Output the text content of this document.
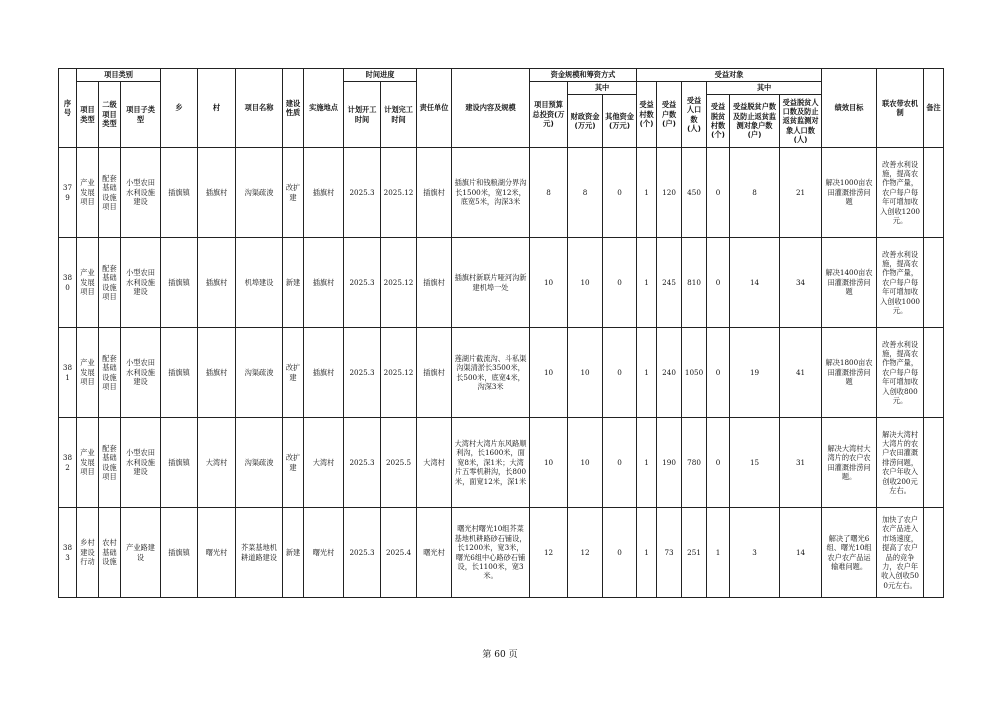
序号	项目类别			乡	村	项目名称	建设性质	实施地点	时间进度		责任单位	建设内容及规模	资金规模和筹资方式			受益对象						绩效目标	联农带农机制	备注
	项目类型	二级项目类型	项目子类型						计划开工时间	计划完工时间			项目预算总投资(万元)	其中		受益村数(个)	受益户数(户)	受益人口数(人)	其中					
														财政资金(万元)	其他资金(万元)				受益脱贫村数(个)	受益脱贫户数及防止返贫监测对象户数(户)	受益脱贫人口数及防止返贫监测对象人口数(人)			
379	产业发展项目	配套基础设施项目	小型农田水利设施建设	插旗镇	插旗村	沟渠疏浚	改扩建	插旗村	2025.3	2025.12	插旗村	插旗片和钱粮湖分界沟长1500米，宽12米，底宽5米，沟深3米	8	8	0	1	120	450	0	8	21	解决1000亩农田灌溉排涝问题	改善水利设施，提高农作物产量，农户每户每年可增加收入创收1200元。	
380	产业发展项目	配套基础设施项目	小型农田水利设施建设	插旗镇	插旗村	机埠建设	新建	插旗村	2025.3	2025.12	插旗村	插旗村新联片哑河沟新建机埠一处	10	10	0	1	245	810	0	14	34	解决1400亩农田灌溉排涝问题	改善水利设施，提高农作物产量，农户每户每年可增加收入创收1000元。	
381	产业发展项目	配套基础设施项目	小型农田水利设施建设	插旗镇	插旗村	沟渠疏浚	改扩建	插旗村	2025.3	2025.12	插旗村	莲湖片截流沟、斗私渠沟渠清淤长3500米，长500米，底宽4米，沟深3米	10	10	0	1	240	1050	0	19	41	解决1800亩农田灌溉排涝问题	改善水利设施，提高农作物产量，农户每户每年可增加收入创收800元。	
382	产业发展项目	配套基础设施项目	小型农田水利设施建设	插旗镇	大湾村	沟渠疏浚	改扩建	大湾村	2025.3	2025.5	大湾村	大湾村大湾片东风路顺利沟，长1600米，面宽8米，深1米；大湾片五零机耕沟，长800米，面宽12米，深1米	10	10	0	1	190	780	0	15	31	解决大湾村大湾片的农户农田灌溉排涝问题。	解决大湾村大湾片的农户农田灌溉排涝问题，农户年收入创收200元左右。	
383	乡村建设行动	农村基础设施	产业路建设	插旗镇	曙光村	芥菜基地机耕道路建设	新建	曙光村	2025.3	2025.4	曙光村	曙光村曙光10组芥菜基地机耕路砂石铺设，长1200米，宽3米，曙光6组中心路砂石铺设，长1100米，宽3米。	12	12	0	1	73	251	1	3	14	解决了曙光6组、曙光10组农户农产品运输难问题。	加快了农户农产品进入市场速度，提高了农户品的竞争力，农户年收入创收500元左右。	
第 60 页
